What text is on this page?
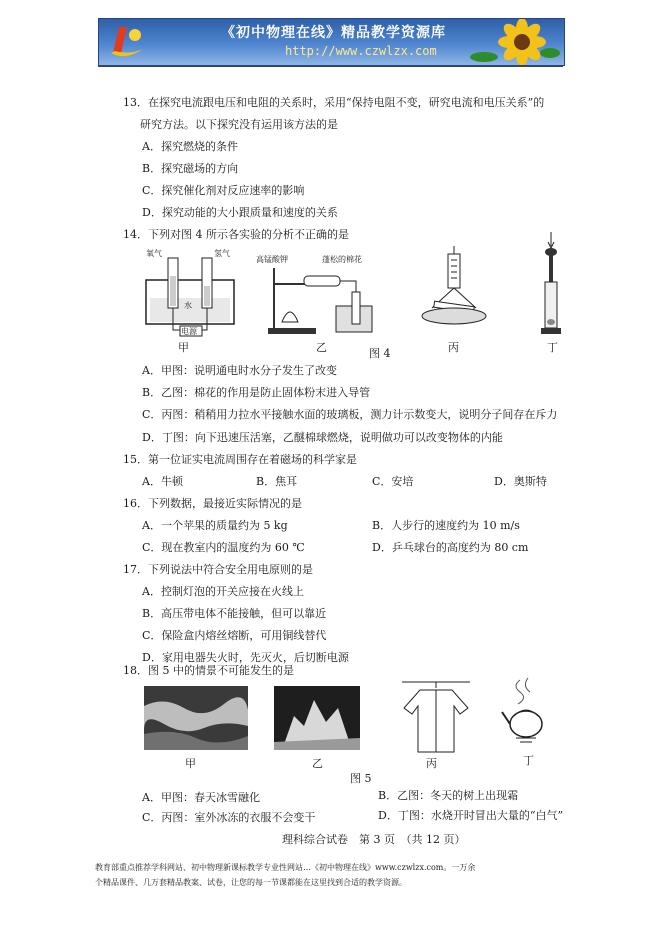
《初中物理在线》精品教学资源库
http://www.czwlzx.com
13．在探究电流跟电压和电阻的关系时，采用“保持电阻不变，研究电流和电压关系”的
研究方法。以下探究没有运用该方法的是
A．探究燃烧的条件
B．探究磁场的方向
C．探究催化剂对反应速率的影响
D．探究动能的大小跟质量和速度的关系
14．下列对图 4 所示各实验的分析不正确的是
氧气	氢气
水
电源
高锰酸钾	蓬松的棉花
甲	乙	丙	丁
图 4
A．甲图：说明通电时水分子发生了改变
B．乙图：棉花的作用是防止固体粉末进入导管
C．丙图：稍稍用力拉水平接触水面的玻璃板，测力计示数变大，说明分子间存在斥力
D．丁图：向下迅速压活塞，乙醚棉球燃烧，说明做功可以改变物体的内能
15．第一位证实电流周围存在着磁场的科学家是
A．牛顿	B．焦耳	C．安培	D．奥斯特
16．下列数据，最接近实际情况的是
A．一个苹果的质量约为 5 kg	B．人步行的速度约为 10 m/s
C．现在教室内的温度约为 60 ℃	D．乒乓球台的高度约为 80 cm
17．下列说法中符合安全用电原则的是
A．控制灯泡的开关应接在火线上
B．高压带电体不能接触，但可以靠近
C．保险盒内熔丝熔断，可用铜线替代
D．家用电器失火时，先灭火，后切断电源
18．图 5 中的情景不可能发生的是
甲	乙	丙	丁
图 5
A．甲图：春天冰雪融化	B．乙图：冬天的树上出现霜
C．丙图：室外冰冻的衣服不会变干	D．丁图：水烧开时冒出大量的“白气”
理科综合试卷　第 3 页　（共 12 页）
教育部重点推荐学科网站、初中物理新课标教学专业性网站…《初中物理在线》www.czwlzx.com。一万余
个精品课件、几万套精品教案、试卷，让您的每一节课都能在这里找到合适的教学资源。
